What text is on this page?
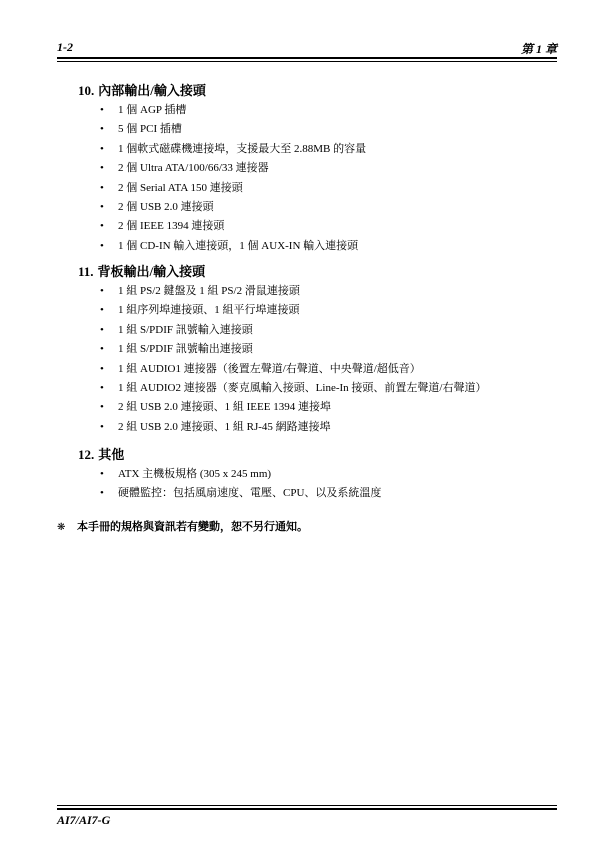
1-2	第 1 章
10. 內部輸出/輸入接頭
• 1 個 AGP 插槽
• 5 個 PCI 插槽
• 1 個軟式磁碟機連接埠，支援最大至 2.88MB 的容量
• 2 個 Ultra ATA/100/66/33 連接器
• 2 個 Serial ATA 150 連接頭
• 2 個 USB 2.0 連接頭
• 2 個 IEEE 1394 連接頭
• 1 個 CD-IN 輸入連接頭，1 個 AUX-IN 輸入連接頭
11. 背板輸出/輸入接頭
• 1 組 PS/2 鍵盤及 1 組 PS/2 滑鼠連接頭
• 1 組序列埠連接頭、1 組平行埠連接頭
• 1 組 S/PDIF 訊號輸入連接頭
• 1 組 S/PDIF 訊號輸出連接頭
• 1 組 AUDIO1 連接器（後置左聲道/右聲道、中央聲道/超低音）
• 1 組 AUDIO2 連接器（麥克風輸入接頭、Line-In 接頭、前置左聲道/右聲道）
• 2 組 USB 2.0 連接頭、1 組 IEEE 1394 連接埠
• 2 組 USB 2.0 連接頭、1 組 RJ-45 網路連接埠
12. 其他
• ATX 主機板規格 (305 x 245 mm)
• 硬體監控：包括風扇速度、電壓、CPU、以及系統溫度
❋ 本手冊的規格與資訊若有變動，恕不另行通知。
AI7/AI7-G
